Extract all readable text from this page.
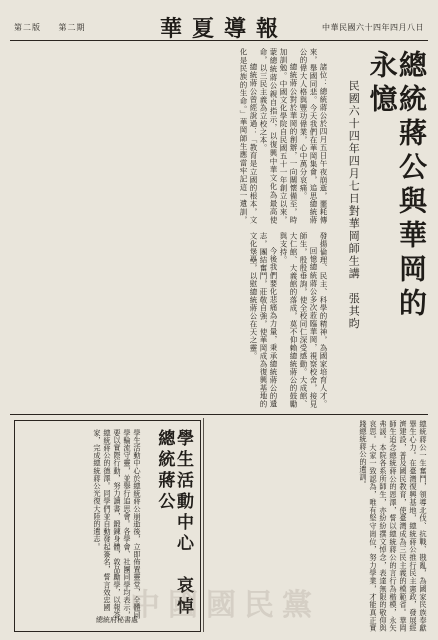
第二版 第二期	華夏導報	中華民國六十四年四月八日
總統蔣公與華岡的永憶
民國六十四年四月七日對華岡師生講　張其昀

諸位：總統蔣公於四月五日午夜崩逝，噩耗傳來，舉國同悲。今天我們在華岡集會，追思總統蔣公的偉大人格與豐功偉業，心中萬分哀痛。

總統蔣公對於華岡的創辦，一向關懷備至，時加訓勉。中國文化學院自民國五十一年創立以來，蒙總統蔣公親自指示，以復興中華文化為最高使命，以三民主義為立校之本。

總統蔣公曾經說過：「教育是立國的根本，文化是民族的生命。」華岡師生應當牢記這一遺訓，發揚倫理、民主、科學的精神，為國家培育人才。

回憶總統蔣公多次蒞臨華岡，視察校舍，接見師生，殷殷垂詢，使全校同仁深受感動。大成館、大仁館、大義館的落成，莫不仰賴總統蔣公的鼓勵與支持。

今後我們要化悲痛為力量，秉承總統蔣公的遺志，團結奮鬥，莊敬自強，使華岡成為復興基地的文化堡壘，以慰總統蔣公在天之靈。

學生活動中心　哀悼總統蔣公
學生活動中心於總統蔣公崩逝後，立即佈置靈堂，全體同學輪流守靈，並舉行追思會。各學會、社團同學均表示，要以實際行動，努力讀書，鍛鍊身體，敦品勵學，以報答總統蔣公的德澤。同學們並自動發起簽名，誓言效忠國家，完成總統蔣公光復大陸的遺志。
總統府秘書處	總統蔣公一生奮鬥，領導北伐、抗戰、戡亂，為國家民族奉獻畢生心力。在臺灣復興基地，總統蔣公推行民主憲政，發展經濟建設，普及國民教育，使臺灣成為三民主義的模範省。華岡師生追念總統蔣公的恩澤，誓以總統蔣公的言行為楷模，永矢弗諼。本院各系所師生，亦紛紛撰文悼念，表達無限的敬仰與哀思。大家一致認為，唯有堅守崗位，努力學業，才能真正實踐總統蔣公的遺訓。
中國國民黨
